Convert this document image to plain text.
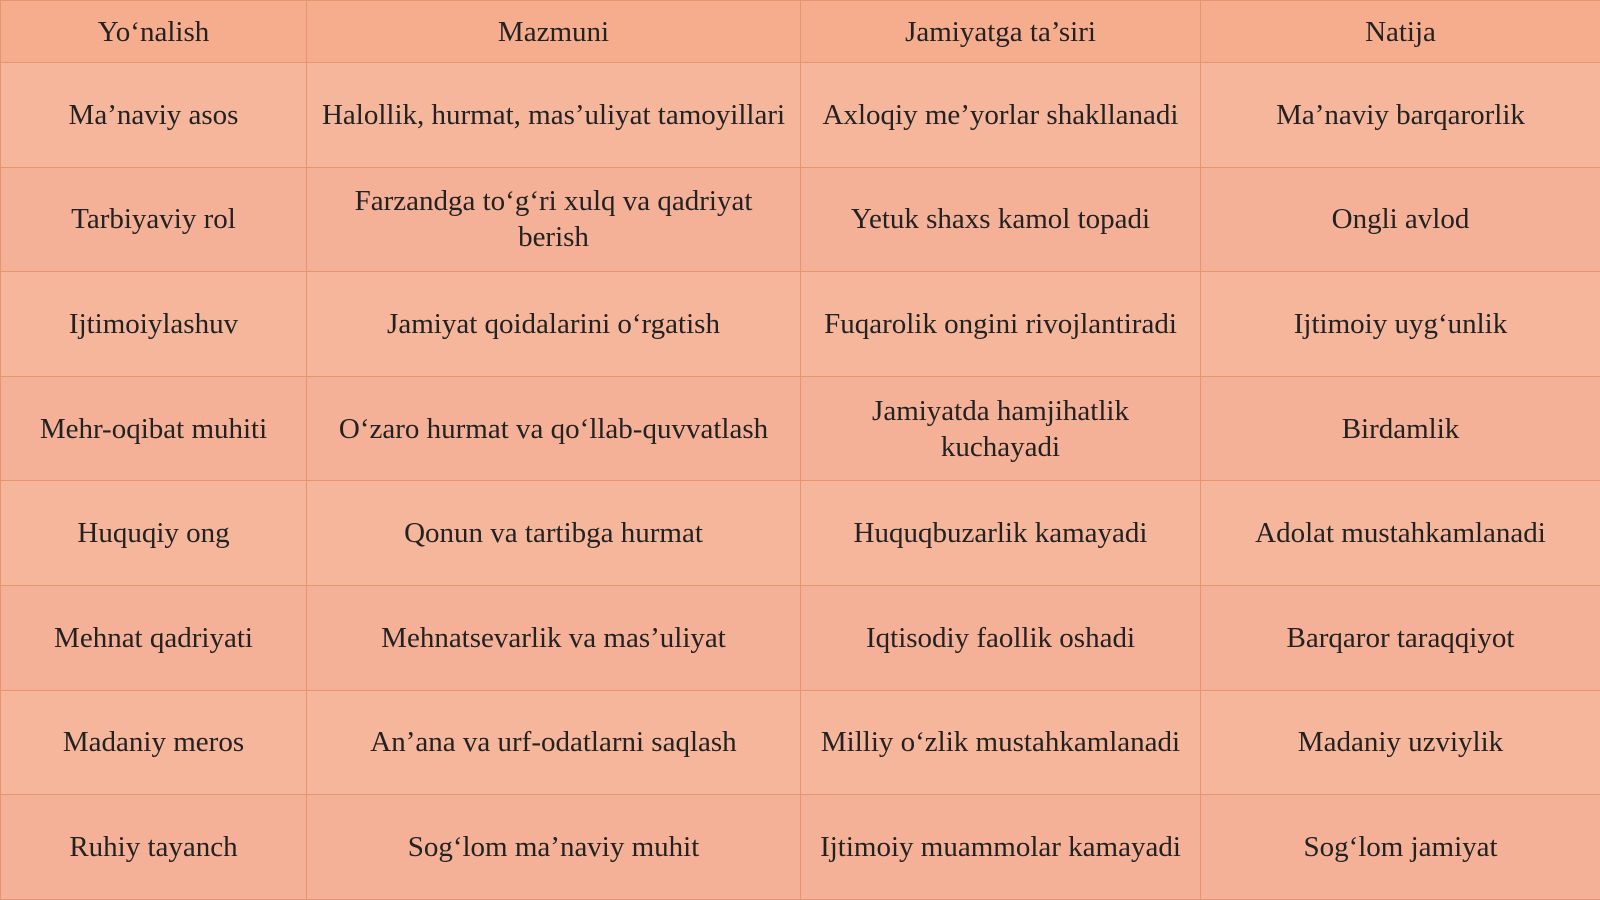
Yo‘nalish	Mazmuni	Jamiyatga ta’siri	Natija
Ma’naviy asos	Halollik, hurmat, mas’uliyat tamoyillari	Axloqiy me’yorlar shakllanadi	Ma’naviy barqarorlik
Tarbiyaviy rol	Farzandga to‘g‘ri xulq va qadriyat berish	Yetuk shaxs kamol topadi	Ongli avlod
Ijtimoiylashuv	Jamiyat qoidalarini o‘rgatish	Fuqarolik ongini rivojlantiradi	Ijtimoiy uyg‘unlik
Mehr-oqibat muhiti	O‘zaro hurmat va qo‘llab-quvvatlash	Jamiyatda hamjihatlik kuchayadi	Birdamlik
Huquqiy ong	Qonun va tartibga hurmat	Huquqbuzarlik kamayadi	Adolat mustahkamlanadi
Mehnat qadriyati	Mehnatsevarlik va mas’uliyat	Iqtisodiy faollik oshadi	Barqaror taraqqiyot
Madaniy meros	An’ana va urf-odatlarni saqlash	Milliy o‘zlik mustahkamlanadi	Madaniy uzviylik
Ruhiy tayanch	Sog‘lom ma’naviy muhit	Ijtimoiy muammolar kamayadi	Sog‘lom jamiyat
